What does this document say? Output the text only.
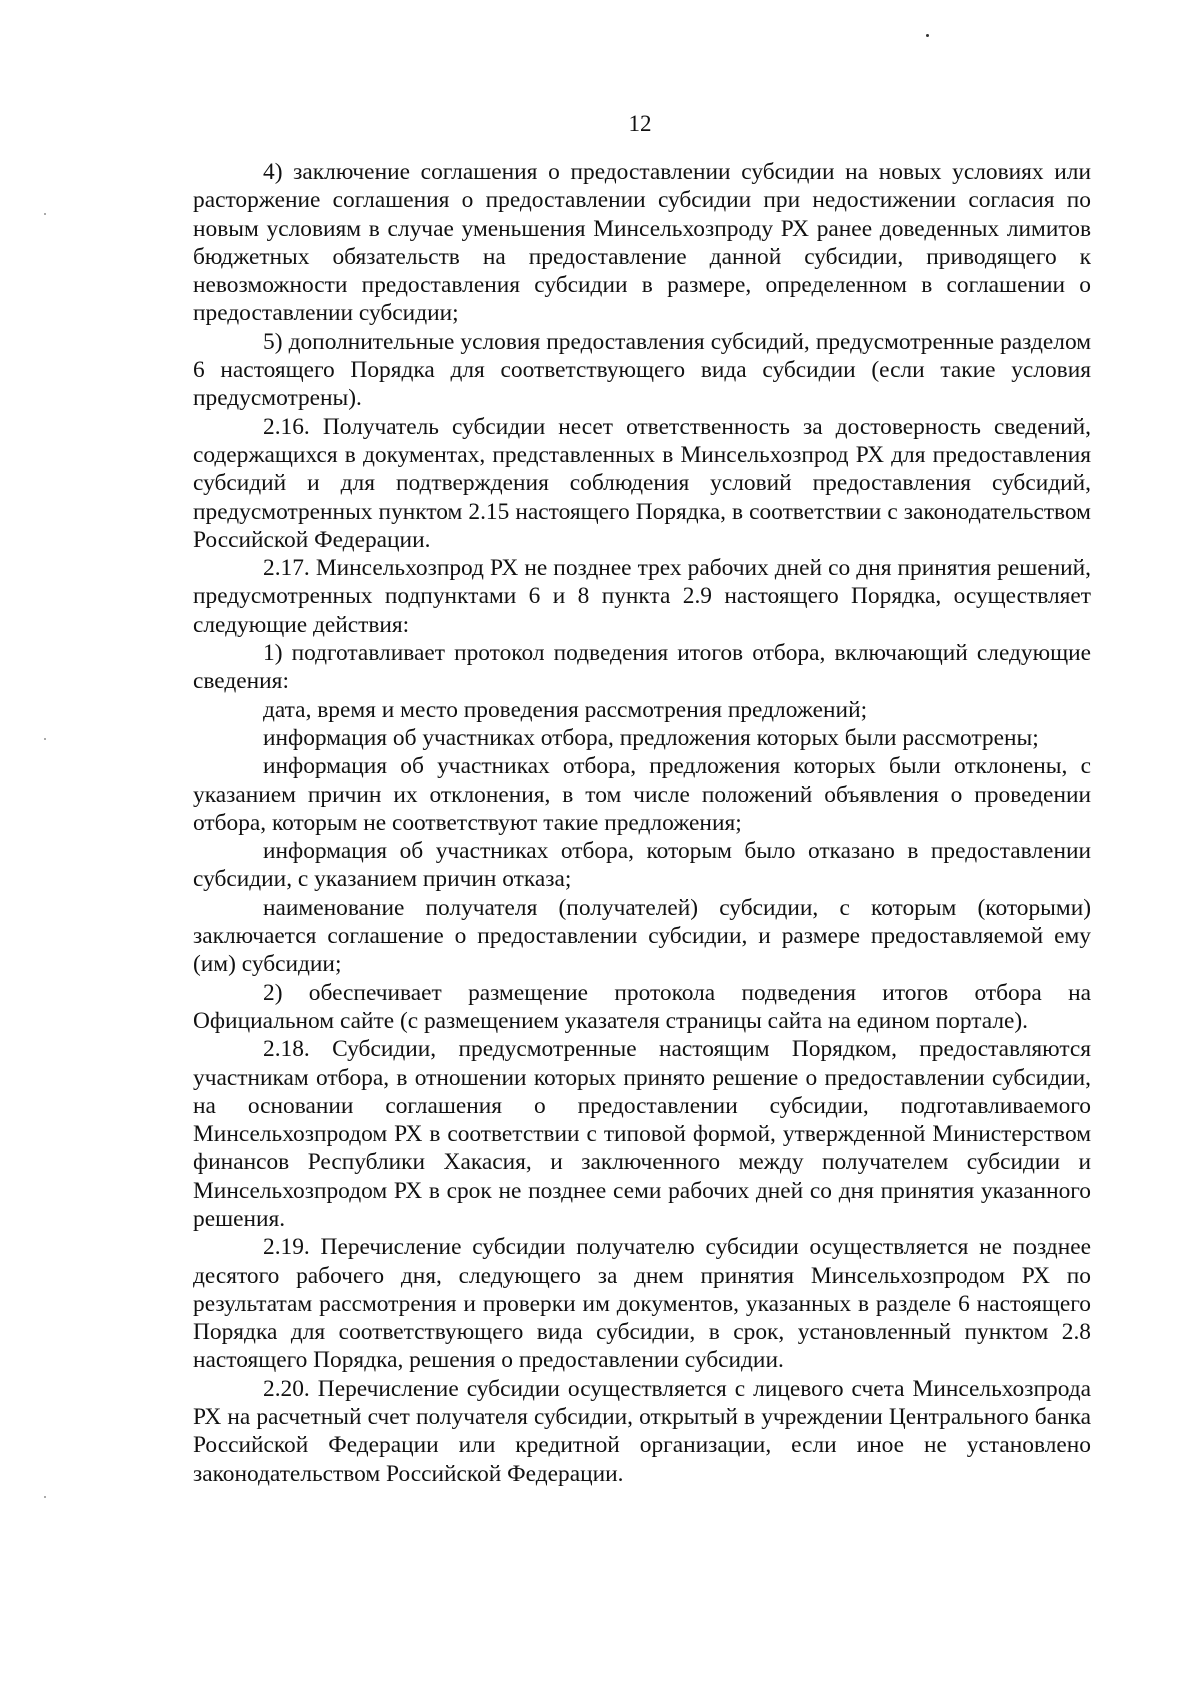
12

4) заключение соглашения о предоставлении субсидии на новых условиях или расторжение соглашения о предоставлении субсидии при недостижении согласия по новым условиям в случае уменьшения Минсельхозпроду РХ ранее доведенных лимитов бюджетных обязательств на предоставление данной субсидии, приводящего к невозможности предоставления субсидии в размере, определенном в соглашении о предоставлении субсидии;

5) дополнительные условия предоставления субсидий, предусмотренные разделом 6 настоящего Порядка для соответствующего вида субсидии (если такие условия предусмотрены).

2.16. Получатель субсидии несет ответственность за достоверность сведений, содержащихся в документах, представленных в Минсельхозпрод РХ для предоставления субсидий и для подтверждения соблюдения условий предоставления субсидий, предусмотренных пунктом 2.15 настоящего Порядка, в соответствии с законодательством Российской Федерации.

2.17. Минсельхозпрод РХ не позднее трех рабочих дней со дня принятия решений, предусмотренных подпунктами 6 и 8 пункта 2.9 настоящего Порядка, осуществляет следующие действия:

1) подготавливает протокол подведения итогов отбора, включающий следующие сведения:

дата, время и место проведения рассмотрения предложений;

информация об участниках отбора, предложения которых были рассмотрены;

информация об участниках отбора, предложения которых были отклонены, с указанием причин их отклонения, в том числе положений объявления о проведении отбора, которым не соответствуют такие предложения;

информация об участниках отбора, которым было отказано в предоставлении субсидии, с указанием причин отказа;

наименование получателя (получателей) субсидии, с которым (которыми) заключается соглашение о предоставлении субсидии, и размере предоставляемой ему (им) субсидии;

2) обеспечивает размещение протокола подведения итогов отбора на Официальном сайте (с размещением указателя страницы сайта на едином портале).

2.18. Субсидии, предусмотренные настоящим Порядком, предоставляются участникам отбора, в отношении которых принято решение о предоставлении субсидии, на основании соглашения о предоставлении субсидии, подготавливаемого Минсельхозпродом РХ в соответствии с типовой формой, утвержденной Министерством финансов Республики Хакасия, и заключенного между получателем субсидии и Минсельхозпродом РХ в срок не позднее семи рабочих дней со дня принятия указанного решения.

2.19. Перечисление субсидии получателю субсидии осуществляется не позднее десятого рабочего дня, следующего за днем принятия Минсельхозпродом РХ по результатам рассмотрения и проверки им документов, указанных в разделе 6 настоящего Порядка для соответствующего вида субсидии, в срок, установленный пунктом 2.8 настоящего Порядка, решения о предоставлении субсидии.

2.20. Перечисление субсидии осуществляется с лицевого счета Минсельхозпрода РХ на расчетный счет получателя субсидии, открытый в учреждении Центрального банка Российской Федерации или кредитной организации, если иное не установлено законодательством Российской Федерации.
